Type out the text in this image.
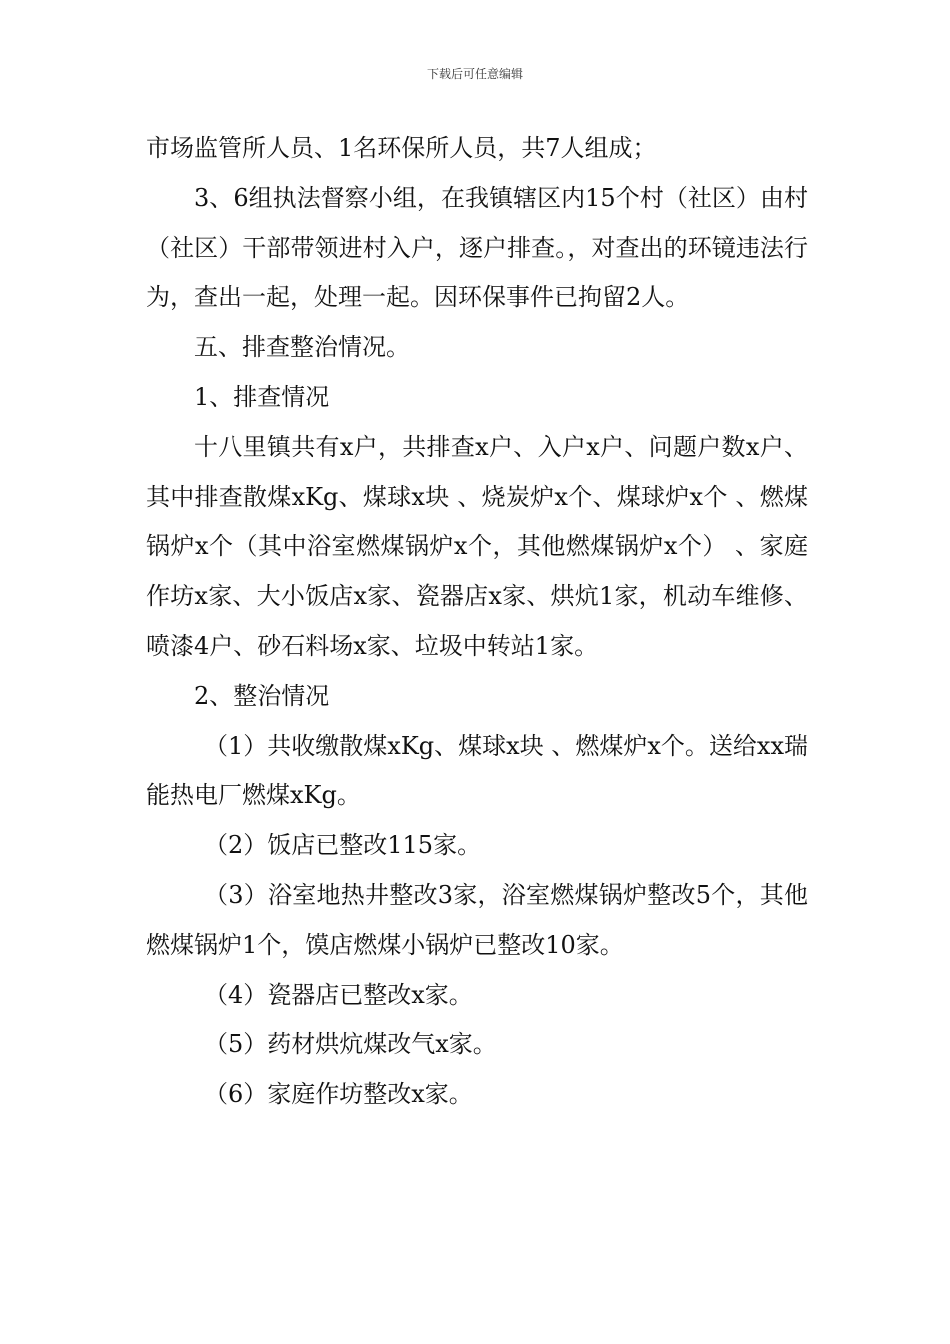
下载后可任意编辑

市场监管所人员、1名环保所人员，共7人组成；

3、6组执法督察小组，在我镇辖区内15个村（社区）由村（社区）干部带领进村入户，逐户排查。，对查出的环镜违法行为，查出一起，处理一起。因环保事件已拘留2人。

五、排查整治情况。

1、排查情况

十八里镇共有x户，共排查x户、入户x户、问题户数x户、其中排查散煤xKg、煤球x块 、烧炭炉x个、煤球炉x个 、燃煤锅炉x个（其中浴室燃煤锅炉x个，其他燃煤锅炉x个） 、家庭作坊x家、大小饭店x家、瓷器店x家、烘炕1家，机动车维修、喷漆4户、砂石料场x家、垃圾中转站1家。

2、整治情况

（1）共收缴散煤xKg、煤球x块 、燃煤炉x个。送给xx瑞能热电厂燃煤xKg。

（2）饭店已整改115家。

（3）浴室地热井整改3家，浴室燃煤锅炉整改5个，其他燃煤锅炉1个，馍店燃煤小锅炉已整改10家。

（4）瓷器店已整改x家。

（5）药材烘炕煤改气x家。

（6）家庭作坊整改x家。
